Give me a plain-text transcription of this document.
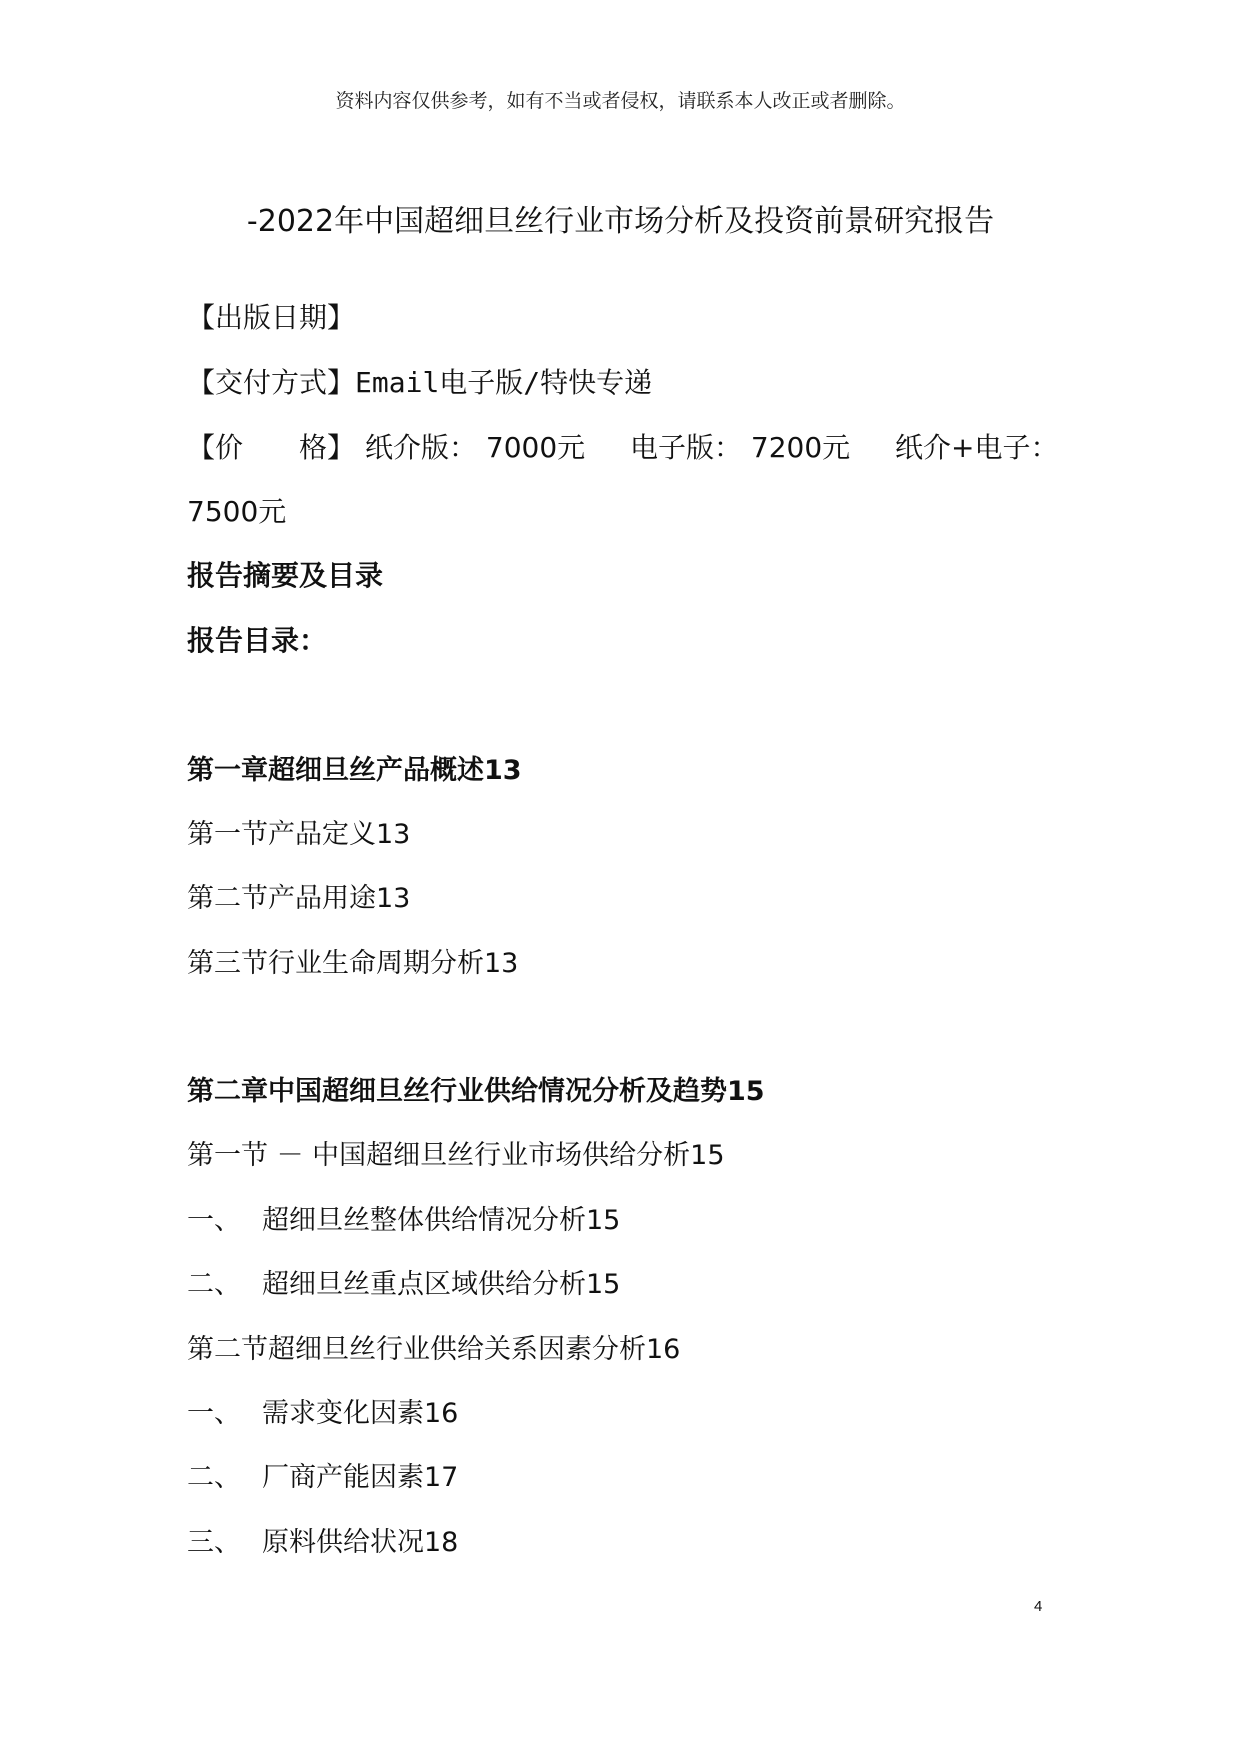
资料内容仅供参考，如有不当或者侵权，请联系本人改正或者删除。
-2022年中国超细旦丝行业市场分析及投资前景研究报告
【出版日期】
【交付方式】Email电子版/特快专递
【价 格】 纸介版： 7000元 电子版： 7200元 纸介+电子：
7500元
报告摘要及目录
报告目录：
第一章超细旦丝产品概述13
第一节产品定义13
第二节产品用途13
第三节行业生命周期分析13
第二章中国超细旦丝行业供给情况分析及趋势15
第一节 － 中国超细旦丝行业市场供给分析15
一、 超细旦丝整体供给情况分析15
二、 超细旦丝重点区域供给分析15
第二节超细旦丝行业供给关系因素分析16
一、 需求变化因素16
二、 厂商产能因素17
三、 原料供给状况18
4
